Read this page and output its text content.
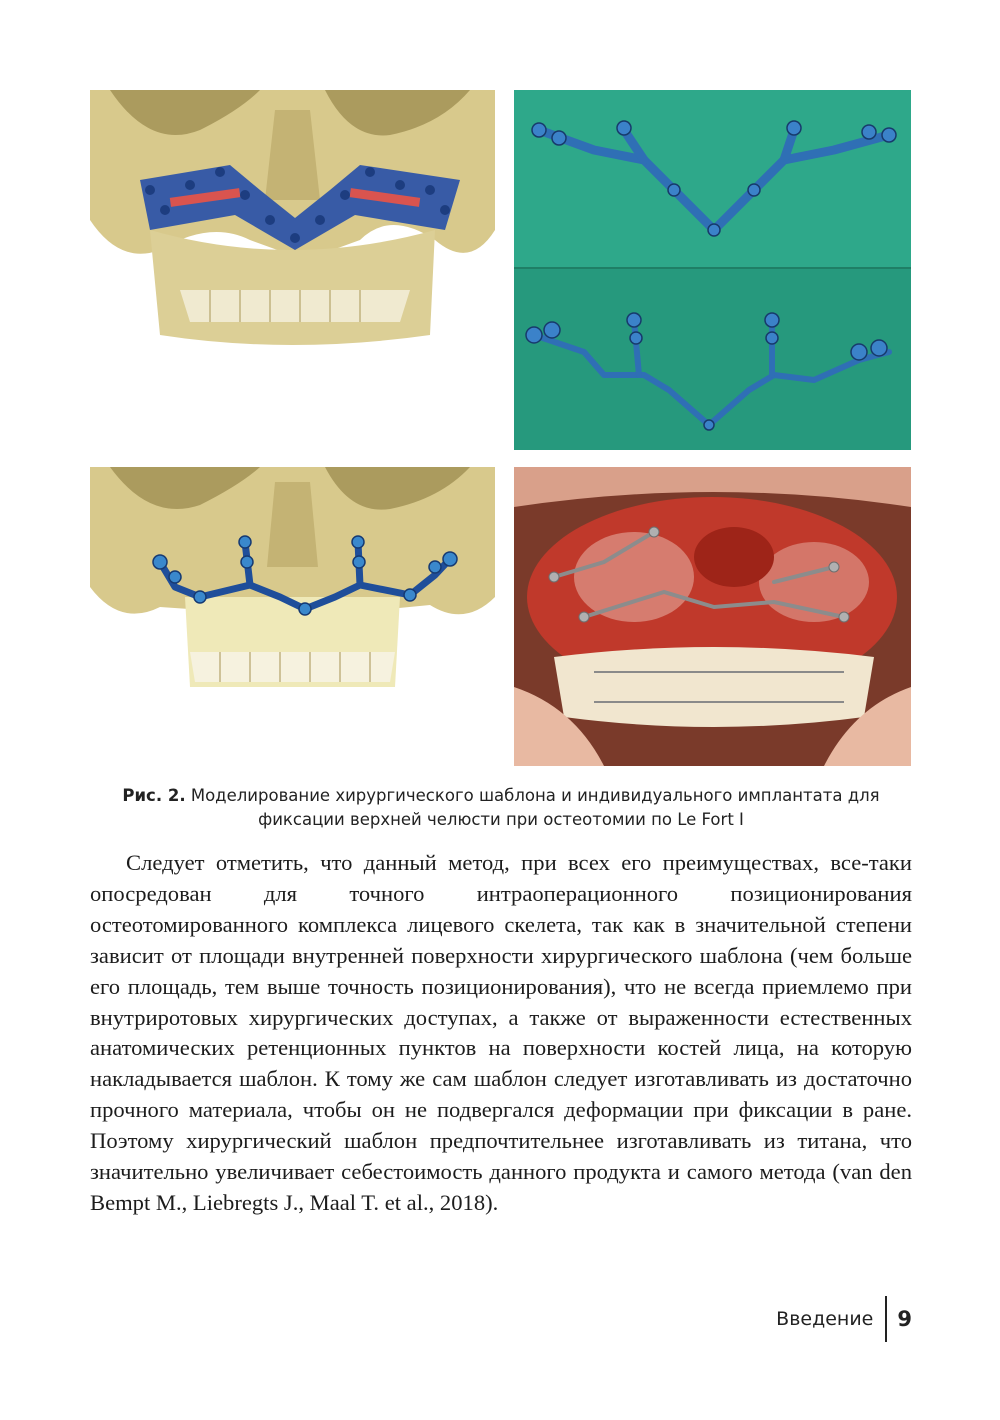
Рис. 2. Моделирование хирургического шаблона и индивидуального имплантата для фиксации верхней челюсти при остеотомии по Le Fort I

Следует отметить, что данный метод, при всех его преимуществах, все-таки опосредован для точного интраоперационного позиционирования остеотомированного комплекса лицевого скелета, так как в значительной степени зависит от площади внутренней поверхности хирургического шаблона (чем больше его площадь, тем выше точность позиционирования), что не всегда приемлемо при внутриротовых хирургических доступах, а также от выраженности естественных анатомических ретенционных пунктов на поверхности костей лица, на которую накладывается шаблон. К тому же сам шаблон следует изготавливать из достаточно прочного материала, чтобы он не подвергался деформации при фиксации в ране. Поэтому хирургический шаблон предпочтительнее изготавливать из титана, что значительно увеличивает себестоимость данного продукта и самого метода (van den Bempt M., Liebregts J., Maal T. et al., 2018).

Введение	9
